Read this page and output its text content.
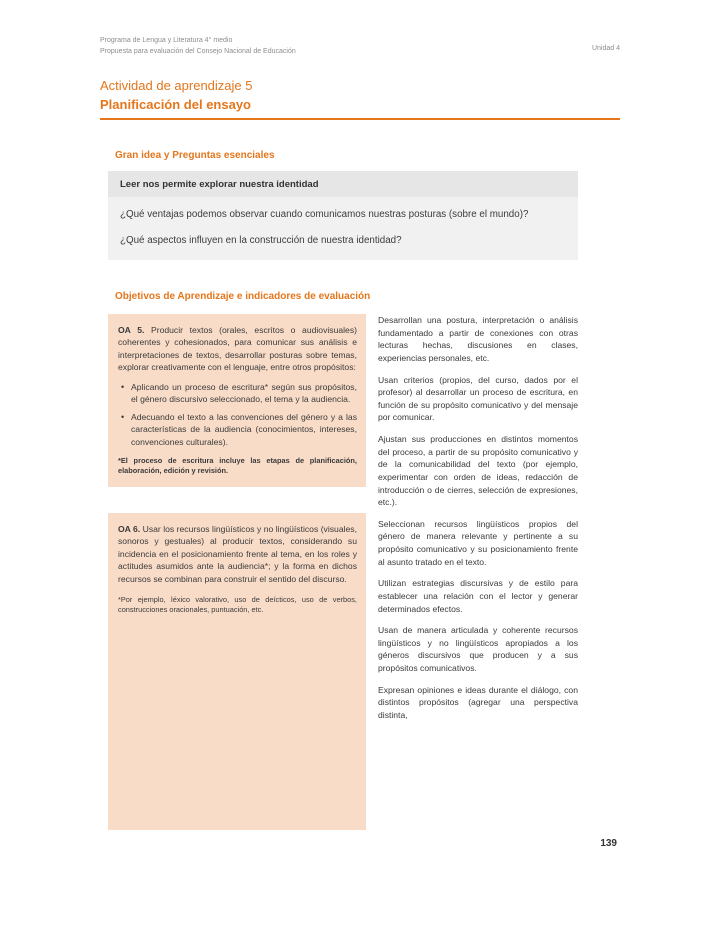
Programa de Lengua y Literatura 4° medio
Propuesta para evaluación del Consejo Nacional de Educación	Unidad 4
Actividad de aprendizaje 5
Planificación del ensayo
Gran idea y Preguntas esenciales
Leer nos permite explorar nuestra identidad

¿Qué ventajas podemos observar cuando comunicamos nuestras posturas (sobre el mundo)?

¿Qué aspectos influyen en la construcción de nuestra identidad?

Objetivos de Aprendizaje e indicadores de evaluación

OA 5. Producir textos (orales, escritos o audiovisuales) coherentes y cohesionados, para comunicar sus análisis e interpretaciones de textos, desarrollar posturas sobre temas, explorar creativamente con el lenguaje, entre otros propósitos:

• Aplicando un proceso de escritura* según sus propósitos, el género discursivo seleccionado, el tema y la audiencia.
• Adecuando el texto a las convenciones del género y a las características de la audiencia (conocimientos, intereses, convenciones culturales).

*El proceso de escritura incluye las etapas de planificación, elaboración, edición y revisión.

OA 6. Usar los recursos lingüísticos y no lingüísticos (visuales, sonoros y gestuales) al producir textos, considerando su incidencia en el posicionamiento frente al tema, en los roles y actitudes asumidos ante la audiencia*; y la forma en dichos recursos se combinan para construir el sentido del discurso.

*Por ejemplo, léxico valorativo, uso de deícticos, uso de verbos, construcciones oracionales, puntuación, etc.

Desarrollan una postura, interpretación o análisis fundamentado a partir de conexiones con otras lecturas hechas, discusiones en clases, experiencias personales, etc.

Usan criterios (propios, del curso, dados por el profesor) al desarrollar un proceso de escritura, en función de su propósito comunicativo y del mensaje por comunicar.

Ajustan sus producciones en distintos momentos del proceso, a partir de su propósito comunicativo y de la comunicabilidad del texto (por ejemplo, experimentar con orden de ideas, redacción de introducción o de cierres, selección de expresiones, etc.).

Seleccionan recursos lingüísticos propios del género de manera relevante y pertinente a su propósito comunicativo y su posicionamiento frente al asunto tratado en el texto.

Utilizan estrategias discursivas y de estilo para establecer una relación con el lector y generar determinados efectos.

Usan de manera articulada y coherente recursos lingüísticos y no lingüísticos apropiados a los géneros discursivos que producen y a sus propósitos comunicativos.

Expresan opiniones e ideas durante el diálogo, con distintos propósitos (agregar una perspectiva distinta,

139
